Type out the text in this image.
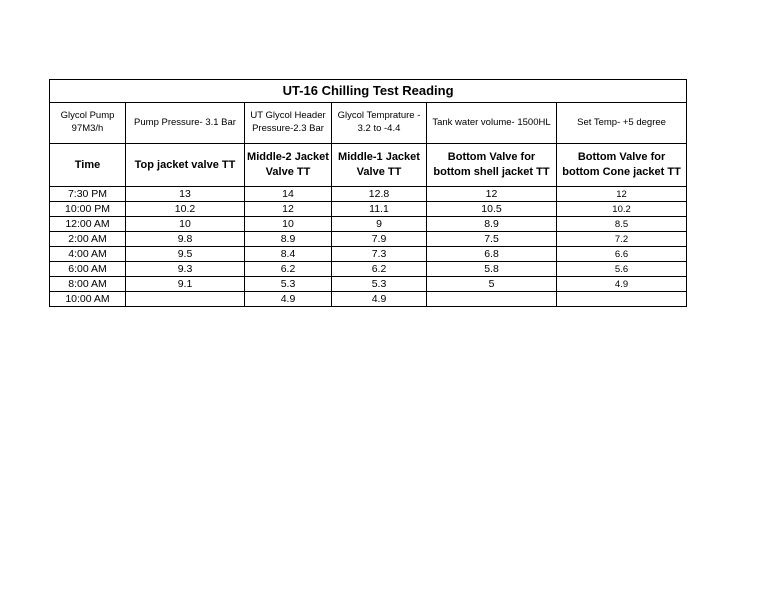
UT-16 Chilling Test Reading					
Glycol Pump 97M3/h	Pump Pressure- 3.1 Bar	UT Glycol Header Pressure-2.3 Bar	Glycol Temprature - 3.2 to -4.4	Tank water volume- 1500HL	Set Temp- +5 degree
Time	Top jacket valve TT	Middle-2 Jacket Valve TT	Middle-1 Jacket Valve TT	Bottom Valve for bottom shell jacket TT	Bottom Valve for bottom Cone jacket TT
7:30 PM	13	14	12.8	12	12
10:00 PM	10.2	12	11.1	10.5	10.2
12:00 AM	10	10	9	8.9	8.5
2:00 AM	9.8	8.9	7.9	7.5	7.2
4:00 AM	9.5	8.4	7.3	6.8	6.6
6:00 AM	9.3	6.2	6.2	5.8	5.6
8:00 AM	9.1	5.3	5.3	5	4.9
10:00 AM		4.9	4.9		
